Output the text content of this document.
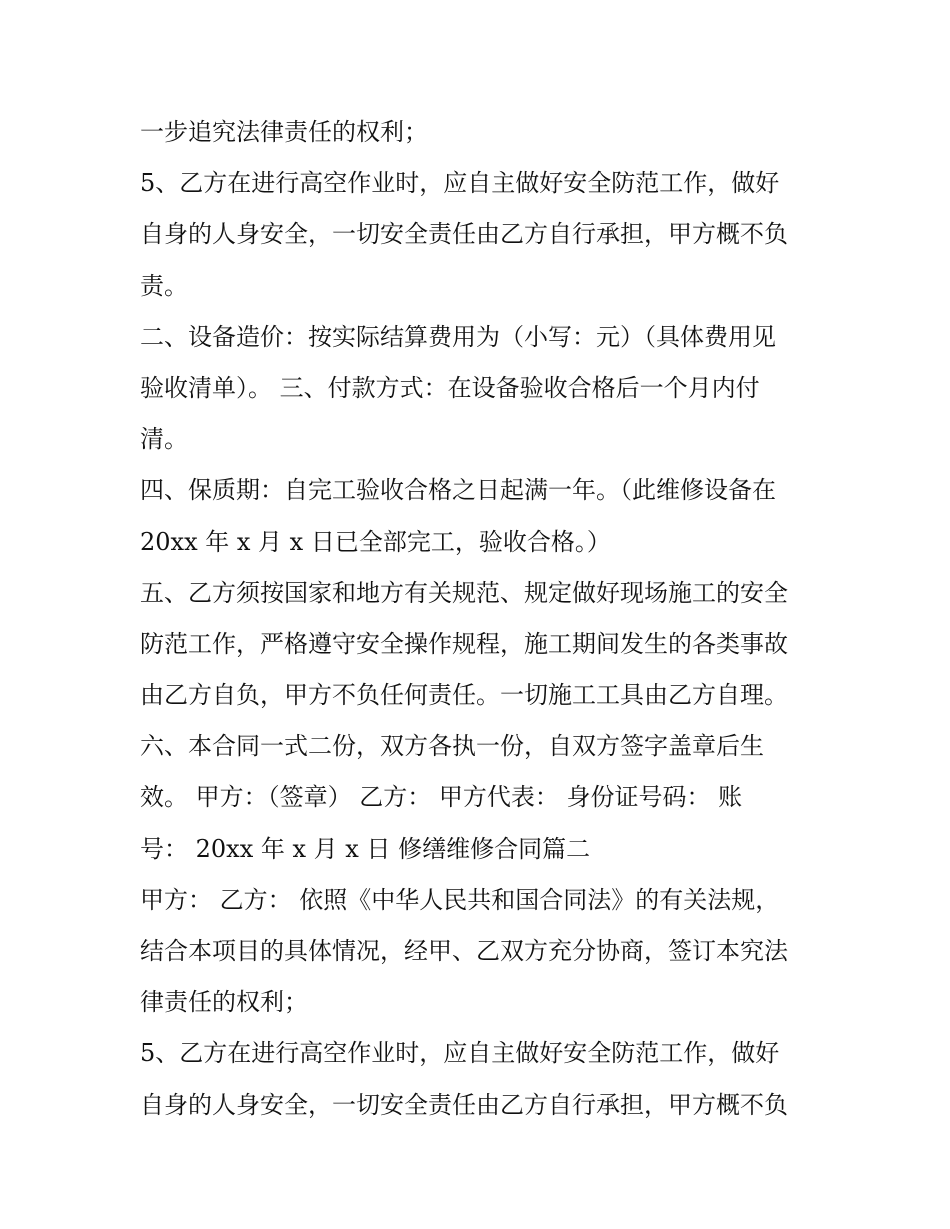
一步追究法律责任的权利；
5、乙方在进行高空作业时，应自主做好安全防范工作，做好
自身的人身安全，一切安全责任由乙方自行承担，甲方概不负
责。
二、设备造价：按实际结算费用为（小写：元）（具体费用见
验收清单）。 三、付款方式：在设备验收合格后一个月内付
清。
四、保质期：自完工验收合格之日起满一年。（此维修设备在
20xx 年 x 月 x 日已全部完工，验收合格。）
五、乙方须按国家和地方有关规范、规定做好现场施工的安全
防范工作，严格遵守安全操作规程，施工期间发生的各类事故
由乙方自负，甲方不负任何责任。一切施工工具由乙方自理。
六、本合同一式二份，双方各执一份，自双方签字盖章后生
效。 甲方：（签章） 乙方： 甲方代表： 身份证号码： 账
号： 20xx 年 x 月 x 日 修缮维修合同篇二
甲方： 乙方： 依照《中华人民共和国合同法》的有关法规，
结合本项目的具体情况，经甲、乙双方充分协商，签订本究法
律责任的权利；
5、乙方在进行高空作业时，应自主做好安全防范工作，做好
自身的人身安全，一切安全责任由乙方自行承担，甲方概不负
